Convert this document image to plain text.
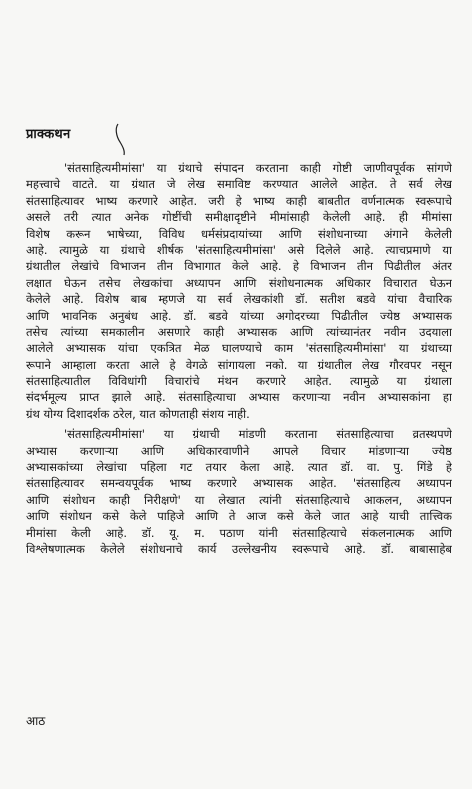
प्राक्कथन
'संतसाहित्यमीमांसा' या ग्रंथाचे संपादन करताना काही गोष्टी जाणीवपूर्वक सांगणे
महत्त्वाचे वाटते. या ग्रंथात जे लेख समाविष्ट करण्यात आलेले आहेत. ते सर्व लेख
संतसाहित्यावर भाष्य करणारे आहेत. जरी हे भाष्य काही बाबतीत वर्णनात्मक स्वरूपाचे
असले तरी त्यात अनेक गोष्टींची समीक्षादृष्टीने मीमांसाही केलेली आहे. ही मीमांसा
विशेष करून भाषेच्या, विविध धर्मसंप्रदायांच्या आणि संशोधनाच्या अंगाने केलेली
आहे. त्यामुळे या ग्रंथाचे शीर्षक 'संतसाहित्यमीमांसा' असे दिलेले आहे. त्याचप्रमाणे या
ग्रंथातील लेखांचे विभाजन तीन विभागात केले आहे. हे विभाजन तीन पिढीतील अंतर
लक्षात घेऊन तसेच लेखकांचा अध्यापन आणि संशोधनात्मक अधिकार विचारात घेऊन
केलेले आहे. विशेष बाब म्हणजे या सर्व लेखकांशी डॉ. सतीश बडवे यांचा वैचारिक
आणि भावनिक अनुबंध आहे. डॉ. बडवे यांच्या अगोदरच्या पिढीतील ज्येष्ठ अभ्यासक
तसेच त्यांच्या समकालीन असणारे काही अभ्यासक आणि त्यांच्यानंतर नवीन उदयाला
आलेले अभ्यासक यांचा एकत्रित मेळ घालण्याचे काम 'संतसाहित्यमीमांसा' या ग्रंथाच्या
रूपाने आम्हाला करता आले हे वेगळे सांगायला नको. या ग्रंथातील लेख गौरवपर नसून
संतसाहित्यातील विविधांगी विचारांचे मंथन करणारे आहेत. त्यामुळे या ग्रंथाला
संदर्भमूल्य प्राप्त झाले आहे. संतसाहित्याचा अभ्यास करणाऱ्या नवीन अभ्यासकांना हा
ग्रंथ योग्य दिशादर्शक ठरेल, यात कोणताही संशय नाही.
'संतसाहित्यमीमांसा' या ग्रंथाची मांडणी करताना संतसाहित्याचा व्रतस्थपणे
अभ्यास करणाऱ्या आणि अधिकारवाणीने आपले विचार मांडणाऱ्या ज्येष्ठ
अभ्यासकांच्या लेखांचा पहिला गट तयार केला आहे. त्यात डॉ. वा. पु. गिंडे हे
संतसाहित्यावर समन्वयपूर्वक भाष्य करणारे अभ्यासक आहेत. 'संतसाहित्य अध्यापन
आणि संशोधन काही निरीक्षणे' या लेखात त्यांनी संतसाहित्याचे आकलन, अध्यापन
आणि संशोधन कसे केले पाहिजे आणि ते आज कसे केले जात आहे याची तात्त्विक
मीमांसा केली आहे. डॉ. यू. म. पठाण यांनी संतसाहित्याचे संकलनात्मक आणि
विश्लेषणात्मक केलेले संशोधनाचे कार्य उल्लेखनीय स्वरूपाचे आहे. डॉ. बाबासाहेब
आठ
